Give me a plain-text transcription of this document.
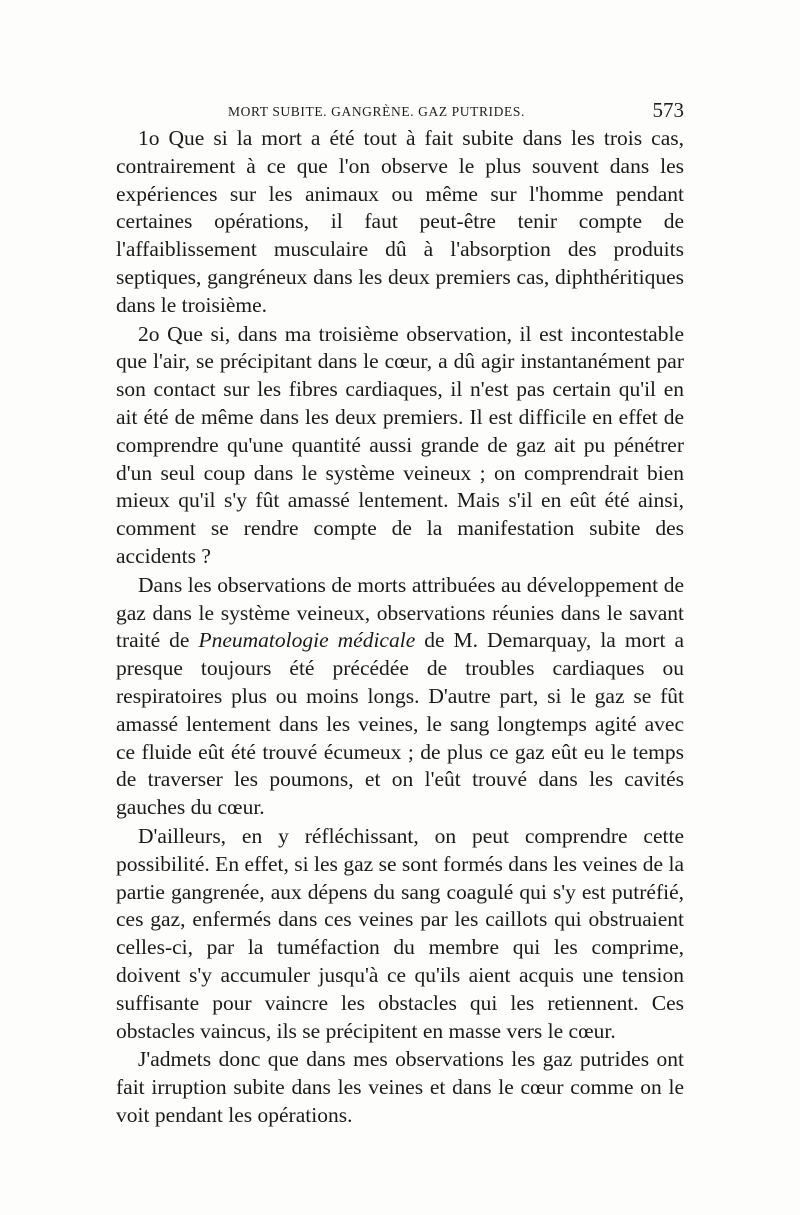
MORT SUBITE. GANGRÈNE. GAZ PUTRIDES.	573

1o Que si la mort a été tout à fait subite dans les trois cas, contrairement à ce que l'on observe le plus souvent dans les expériences sur les animaux ou même sur l'homme pendant certaines opérations, il faut peut-être tenir compte de l'affaiblissement musculaire dû à l'absorption des produits septiques, gangréneux dans les deux premiers cas, diphthéritiques dans le troisième.

2o Que si, dans ma troisième observation, il est incontestable que l'air, se précipitant dans le cœur, a dû agir instantanément par son contact sur les fibres cardiaques, il n'est pas certain qu'il en ait été de même dans les deux premiers. Il est difficile en effet de comprendre qu'une quantité aussi grande de gaz ait pu pénétrer d'un seul coup dans le système veineux ; on comprendrait bien mieux qu'il s'y fût amassé lentement. Mais s'il en eût été ainsi, comment se rendre compte de la manifestation subite des accidents ?

Dans les observations de morts attribuées au développement de gaz dans le système veineux, observations réunies dans le savant traité de Pneumatologie médicale de M. Demarquay, la mort a presque toujours été précédée de troubles cardiaques ou respiratoires plus ou moins longs. D'autre part, si le gaz se fût amassé lentement dans les veines, le sang longtemps agité avec ce fluide eût été trouvé écumeux ; de plus ce gaz eût eu le temps de traverser les poumons, et on l'eût trouvé dans les cavités gauches du cœur.

D'ailleurs, en y réfléchissant, on peut comprendre cette possibilité. En effet, si les gaz se sont formés dans les veines de la partie gangrenée, aux dépens du sang coagulé qui s'y est putréfié, ces gaz, enfermés dans ces veines par les caillots qui obstruaient celles-ci, par la tuméfaction du membre qui les comprime, doivent s'y accumuler jusqu'à ce qu'ils aient acquis une tension suffisante pour vaincre les obstacles qui les retiennent. Ces obstacles vaincus, ils se précipitent en masse vers le cœur.

J'admets donc que dans mes observations les gaz putrides ont fait irruption subite dans les veines et dans le cœur comme on le voit pendant les opérations.
